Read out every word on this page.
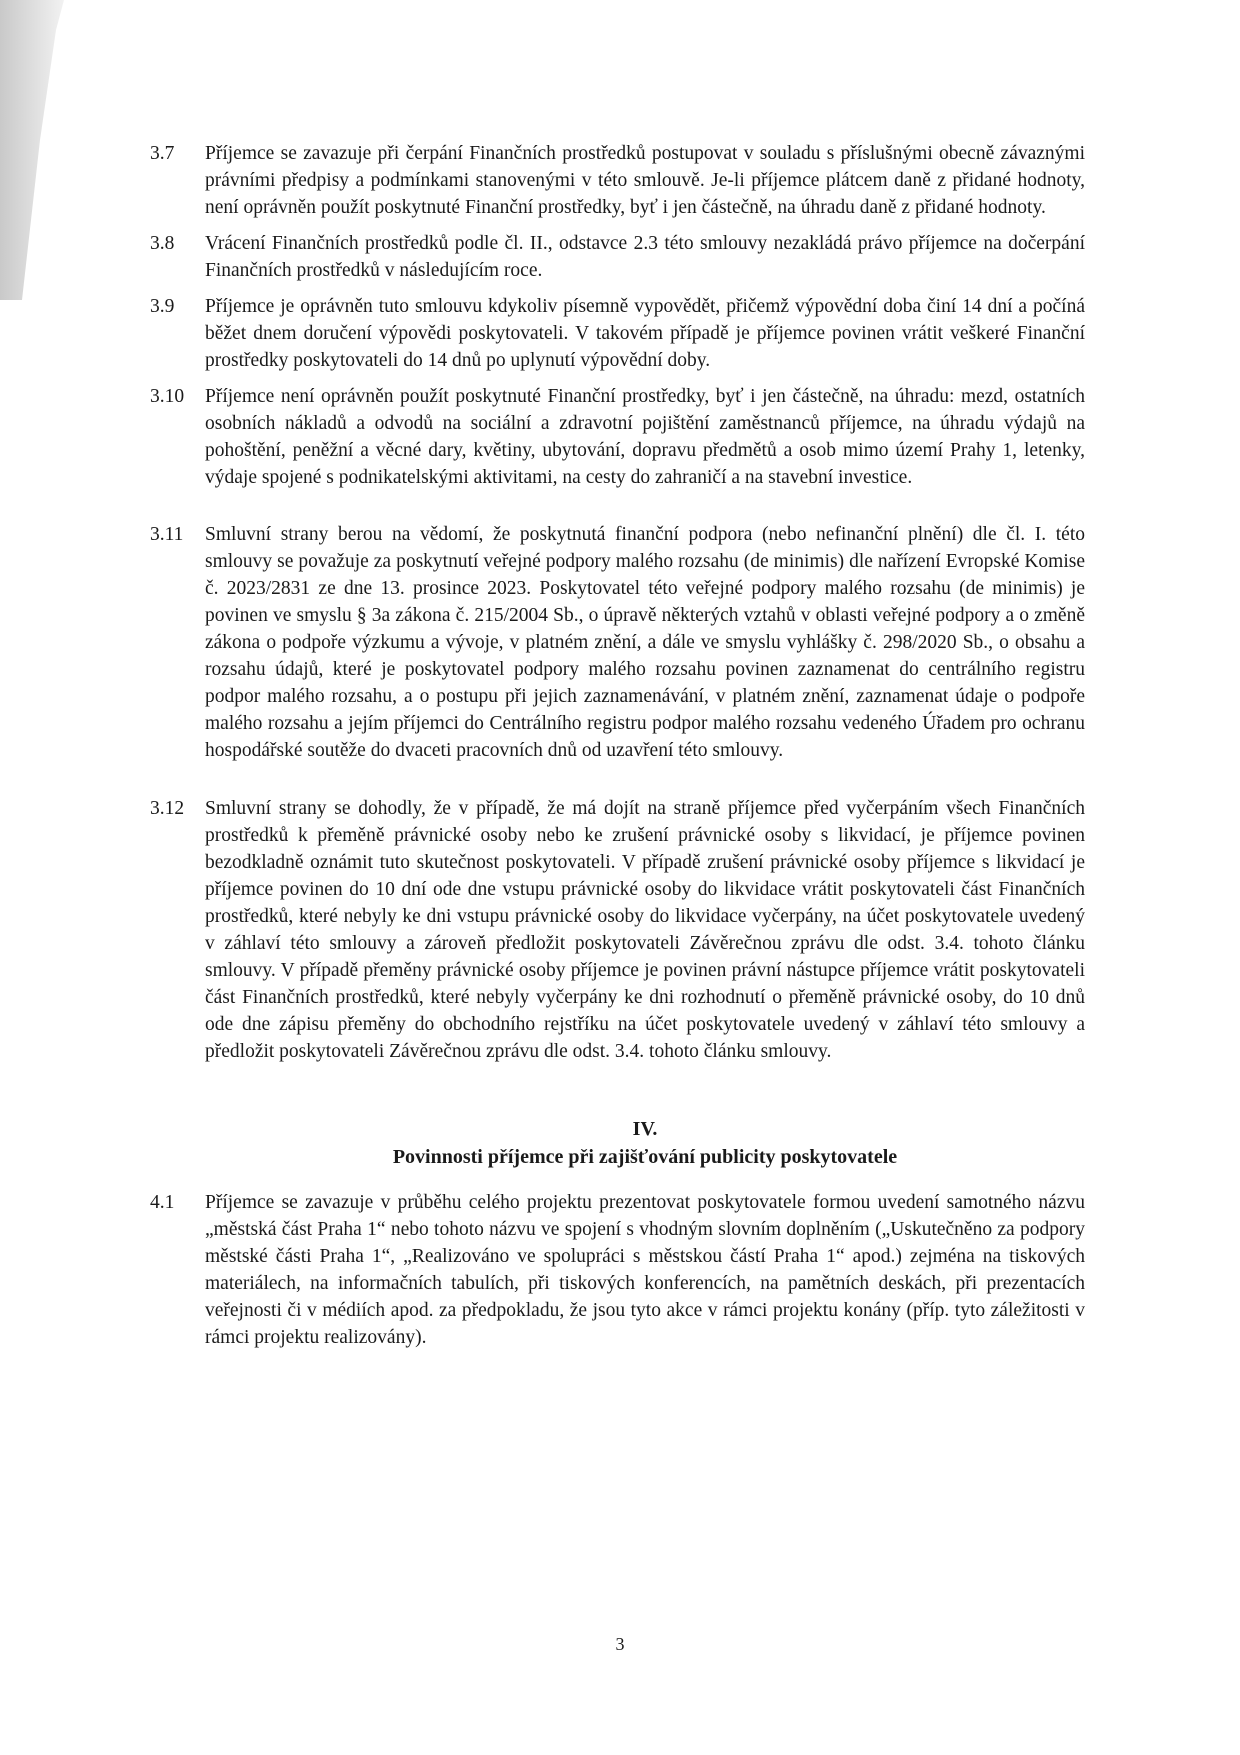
3.7 Příjemce se zavazuje při čerpání Finančních prostředků postupovat v souladu s příslušnými obecně závaznými právními předpisy a podmínkami stanovenými v této smlouvě. Je-li příjemce plátcem daně z přidané hodnoty, není oprávněn použít poskytnuté Finanční prostředky, byť i jen částečně, na úhradu daně z přidané hodnoty.
3.8 Vrácení Finančních prostředků podle čl. II., odstavce 2.3 této smlouvy nezakládá právo příjemce na dočerpání Finančních prostředků v následujícím roce.
3.9 Příjemce je oprávněn tuto smlouvu kdykoliv písemně vypovědět, přičemž výpovědní doba činí 14 dní a počíná běžet dnem doručení výpovědi poskytovateli. V takovém případě je příjemce povinen vrátit veškeré Finanční prostředky poskytovateli do 14 dnů po uplynutí výpovědní doby.
3.10 Příjemce není oprávněn použít poskytnuté Finanční prostředky, byť i jen částečně, na úhradu: mezd, ostatních osobních nákladů a odvodů na sociální a zdravotní pojištění zaměstnanců příjemce, na úhradu výdajů na pohoštění, peněžní a věcné dary, květiny, ubytování, dopravu předmětů a osob mimo území Prahy 1, letenky, výdaje spojené s podnikatelskými aktivitami, na cesty do zahraničí a na stavební investice.
3.11 Smluvní strany berou na vědomí, že poskytnutá finanční podpora (nebo nefinanční plnění) dle čl. I. této smlouvy se považuje za poskytnutí veřejné podpory malého rozsahu (de minimis) dle nařízení Evropské Komise č. 2023/2831 ze dne 13. prosince 2023. Poskytovatel této veřejné podpory malého rozsahu (de minimis) je povinen ve smyslu § 3a zákona č. 215/2004 Sb., o úpravě některých vztahů v oblasti veřejné podpory a o změně zákona o podpoře výzkumu a vývoje, v platném znění, a dále ve smyslu vyhlášky č. 298/2020 Sb., o obsahu a rozsahu údajů, které je poskytovatel podpory malého rozsahu povinen zaznamenat do centrálního registru podpor malého rozsahu, a o postupu při jejich zaznamenávání, v platném znění, zaznamenat údaje o podpoře malého rozsahu a jejím příjemci do Centrálního registru podpor malého rozsahu vedeného Úřadem pro ochranu hospodářské soutěže do dvaceti pracovních dnů od uzavření této smlouvy.
3.12 Smluvní strany se dohodly, že v případě, že má dojít na straně příjemce před vyčerpáním všech Finančních prostředků k přeměně právnické osoby nebo ke zrušení právnické osoby s likvidací, je příjemce povinen bezodkladně oznámit tuto skutečnost poskytovateli. V případě zrušení právnické osoby příjemce s likvidací je příjemce povinen do 10 dní ode dne vstupu právnické osoby do likvidace vrátit poskytovateli část Finančních prostředků, které nebyly ke dni vstupu právnické osoby do likvidace vyčerpány, na účet poskytovatele uvedený v záhlaví této smlouvy a zároveň předložit poskytovateli Závěrečnou zprávu dle odst. 3.4. tohoto článku smlouvy. V případě přeměny právnické osoby příjemce je povinen právní nástupce příjemce vrátit poskytovateli část Finančních prostředků, které nebyly vyčerpány ke dni rozhodnutí o přeměně právnické osoby, do 10 dnů ode dne zápisu přeměny do obchodního rejstříku na účet poskytovatele uvedený v záhlaví této smlouvy a předložit poskytovateli Závěrečnou zprávu dle odst. 3.4. tohoto článku smlouvy.

IV.

Povinnosti příjemce při zajišťování publicity poskytovatele

4.1 Příjemce se zavazuje v průběhu celého projektu prezentovat poskytovatele formou uvedení samotného názvu „městská část Praha 1“ nebo tohoto názvu ve spojení s vhodným slovním doplněním („Uskutečněno za podpory městské části Praha 1“, „Realizováno ve spolupráci s městskou částí Praha 1“ apod.) zejména na tiskových materiálech, na informačních tabulích, při tiskových konferencích, na pamětních deskách, při prezentacích veřejnosti či v médiích apod. za předpokladu, že jsou tyto akce v rámci projektu konány (příp. tyto záležitosti v rámci projektu realizovány).
3
